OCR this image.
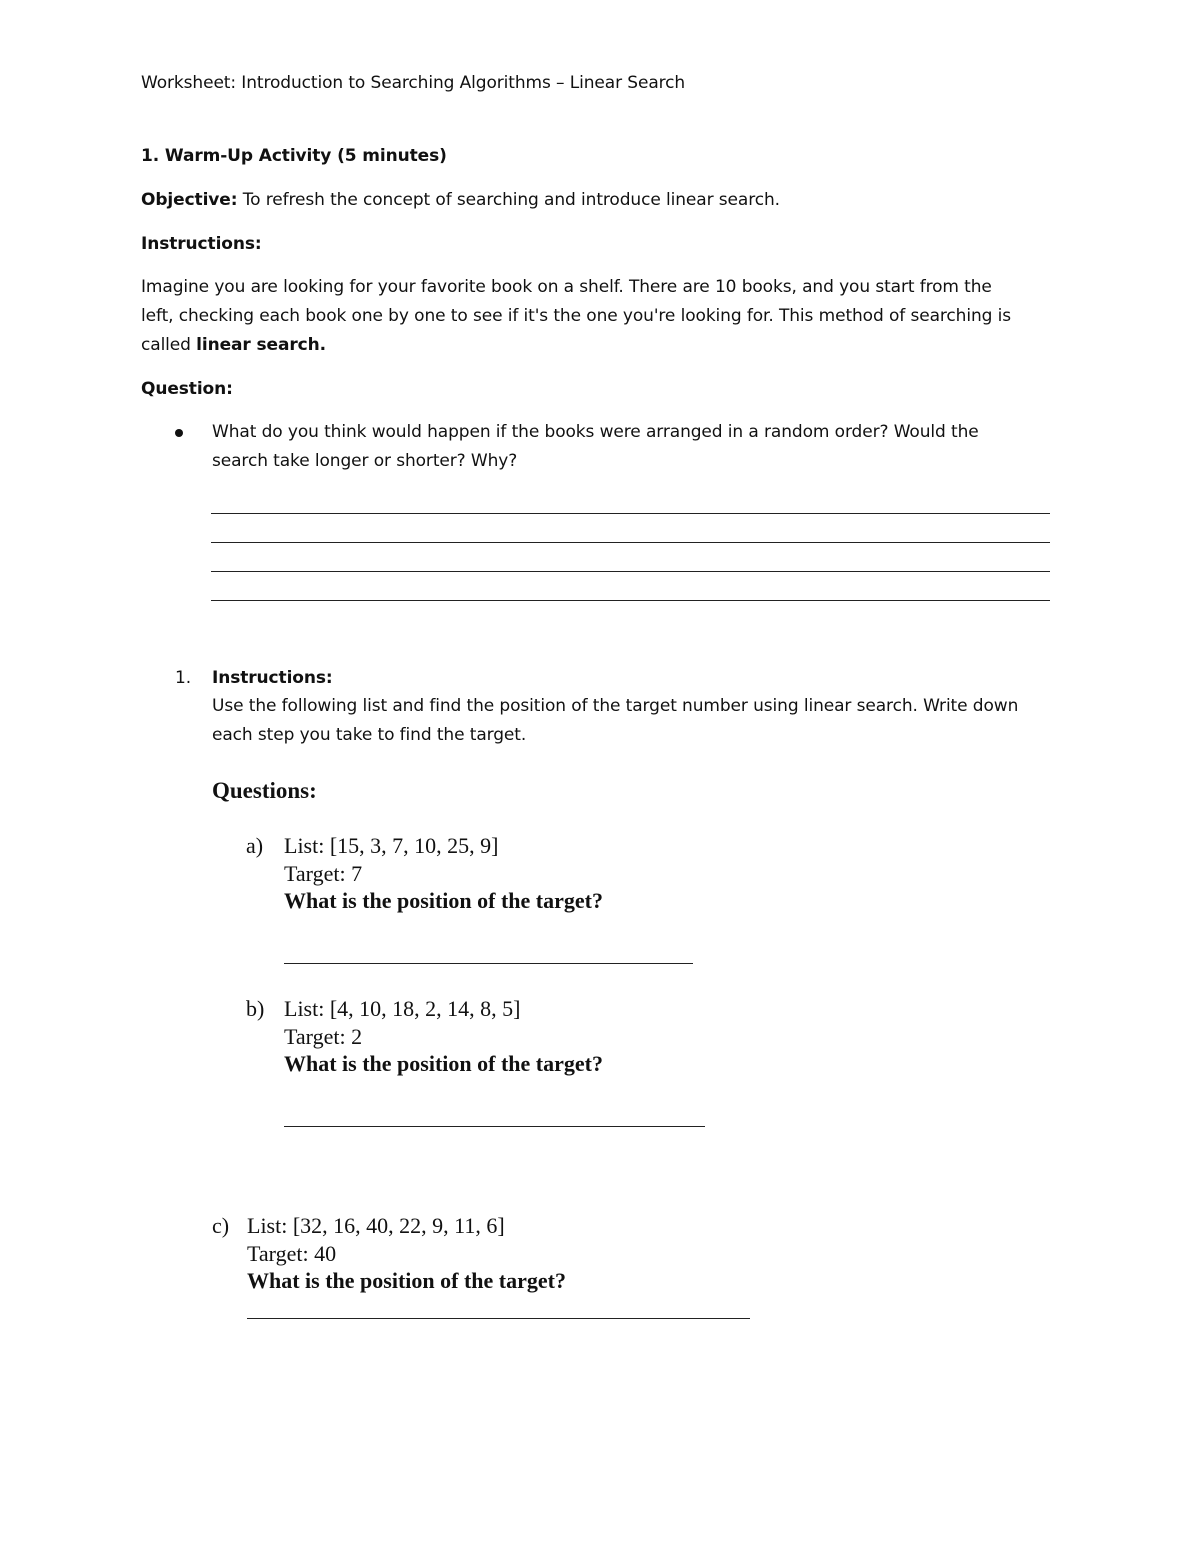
Worksheet: Introduction to Searching Algorithms – Linear Search
1. Warm-Up Activity (5 minutes)
Objective: To refresh the concept of searching and introduce linear search.
Instructions:
Imagine you are looking for your favorite book on a shelf. There are 10 books, and you start from the
left, checking each book one by one to see if it's the one you're looking for. This method of searching is
called linear search.
Question:
What do you think would happen if the books were arranged in a random order? Would the
search take longer or shorter? Why?
1. Instructions:
Use the following list and find the position of the target number using linear search. Write down
each step you take to find the target.
Questions:
a) List: [15, 3, 7, 10, 25, 9]
Target: 7
What is the position of the target?
b) List: [4, 10, 18, 2, 14, 8, 5]
Target: 2
What is the position of the target?
c) List: [32, 16, 40, 22, 9, 11, 6]
Target: 40
What is the position of the target?
